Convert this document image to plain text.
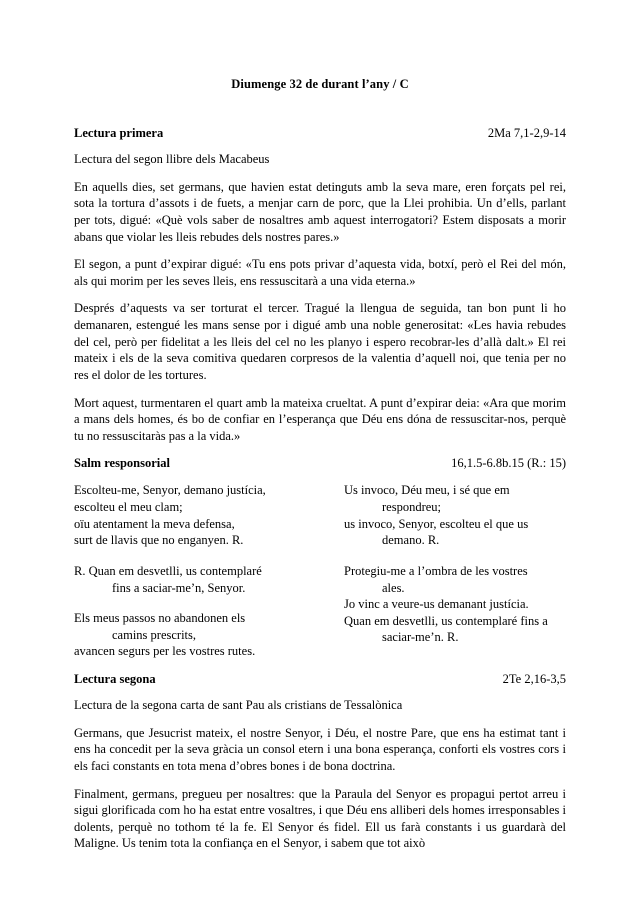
Diumenge 32 de durant l’any / C
Lectura primera	2Ma 7,1-2,9-14

Lectura del segon llibre dels Macabeus

En aquells dies, set germans, que havien estat detinguts amb la seva mare, eren forçats pel rei, sota la tortura d’assots i de fuets, a menjar carn de porc, que la Llei prohibia. Un d’ells, parlant per tots, digué: «Què vols saber de nosaltres amb aquest interrogatori? Estem disposats a morir abans que violar les lleis rebudes dels nostres pares.»

El segon, a punt d’expirar digué: «Tu ens pots privar d’aquesta vida, botxí, però el Rei del món, als qui morim per les seves lleis, ens ressuscitarà a una vida eterna.»

Després d’aquests va ser torturat el tercer. Tragué la llengua de seguida, tan bon punt li ho demanaren, estengué les mans sense por i digué amb una noble generositat: «Les havia rebudes del cel, però per fidelitat a les lleis del cel no les planyo i espero recobrar-les d’allà dalt.» El rei mateix i els de la seva comitiva quedaren corpresos de la valentia d’aquell noi, que tenia per no res el dolor de les tortures.

Mort aquest, turmentaren el quart amb la mateixa crueltat. A punt d’expirar deia: «Ara que morim a mans dels homes, és bo de confiar en l’esperança que Déu ens dóna de ressuscitar-nos, perquè tu no ressuscitaràs pas a la vida.»

Salm responsorial	16,1.5-6.8b.15 (R.: 15)

Escolteu-me, Senyor, demano justícia,

escolteu el meu clam;

oïu atentament la meva defensa,

surt de llavis que no enganyen. R.

R. Quan em desvetlli, us contemplaré

fins a saciar-me’n, Senyor.

Els meus passos no abandonen els

camins prescrits,

avancen segurs per les vostres rutes.

Us invoco, Déu meu, i sé que em

respondreu;

us invoco, Senyor, escolteu el que us

demano. R.

Protegiu-me a l’ombra de les vostres

ales.

Jo vinc a veure-us demanant justícia.

Quan em desvetlli, us contemplaré fins a

saciar-me’n. R.

Lectura segona	2Te 2,16-3,5

Lectura de la segona carta de sant Pau als cristians de Tessalònica

Germans, que Jesucrist mateix, el nostre Senyor, i Déu, el nostre Pare, que ens ha estimat tant i ens ha concedit per la seva gràcia un consol etern i una bona esperança, conforti els vostres cors i els faci constants en tota mena d’obres bones i de bona doctrina.

Finalment, germans, pregueu per nosaltres: que la Paraula del Senyor es propagui pertot arreu i sigui glorificada com ho ha estat entre vosaltres, i que Déu ens alliberi dels homes irresponsables i dolents, perquè no tothom té la fe. El Senyor és fidel. Ell us farà constants i us guardarà del Maligne. Us tenim tota la confiança en el Senyor, i sabem que tot això
